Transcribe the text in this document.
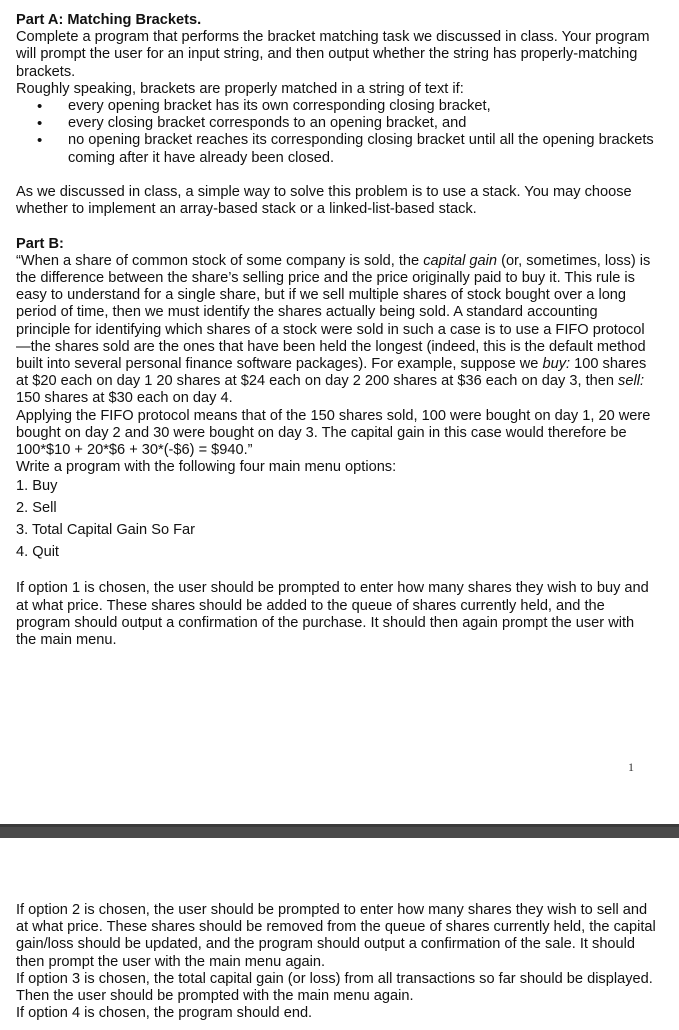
Part A: Matching Brackets.

Complete a program that performs the bracket matching task we discussed in class. Your program will prompt the user for an input string, and then output whether the string has properly-matching brackets.

Roughly speaking, brackets are properly matched in a string of text if:

• every opening bracket has its own corresponding closing bracket,
• every closing bracket corresponds to an opening bracket, and
• no opening bracket reaches its corresponding closing bracket until all the opening brackets coming after it have already been closed.

As we discussed in class, a simple way to solve this problem is to use a stack. You may choose whether to implement an array-based stack or a linked-list-based stack.

Part B:

“When a share of common stock of some company is sold, the capital gain (or, sometimes, loss) is the difference between the share’s selling price and the price originally paid to buy it. This rule is easy to understand for a single share, but if we sell multiple shares of stock bought over a long period of time, then we must identify the shares actually being sold. A standard accounting principle for identifying which shares of a stock were sold in such a case is to use a FIFO protocol—the shares sold are the ones that have been held the longest (indeed, this is the default method built into several personal finance software packages). For example, suppose we buy: 100 shares at $20 each on day 1 20 shares at $24 each on day 2 200 shares at $36 each on day 3, then sell: 150 shares at $30 each on day 4.

Applying the FIFO protocol means that of the 150 shares sold, 100 were bought on day 1, 20 were bought on day 2 and 30 were bought on day 3. The capital gain in this case would therefore be 100*$10 + 20*$6 + 30*(-$6) = $940.”

Write a program with the following four main menu options:

1. Buy
2. Sell
3. Total Capital Gain So Far
4. Quit

If option 1 is chosen, the user should be prompted to enter how many shares they wish to buy and at what price. These shares should be added to the queue of shares currently held, and the program should output a confirmation of the purchase. It should then again prompt the user with the main menu.

1

If option 2 is chosen, the user should be prompted to enter how many shares they wish to sell and at what price. These shares should be removed from the queue of shares currently held, the capital gain/loss should be updated, and the program should output a confirmation of the sale. It should then prompt the user with the main menu again.

If option 3 is chosen, the total capital gain (or loss) from all transactions so far should be displayed. Then the user should be prompted with the main menu again.

If option 4 is chosen, the program should end.
